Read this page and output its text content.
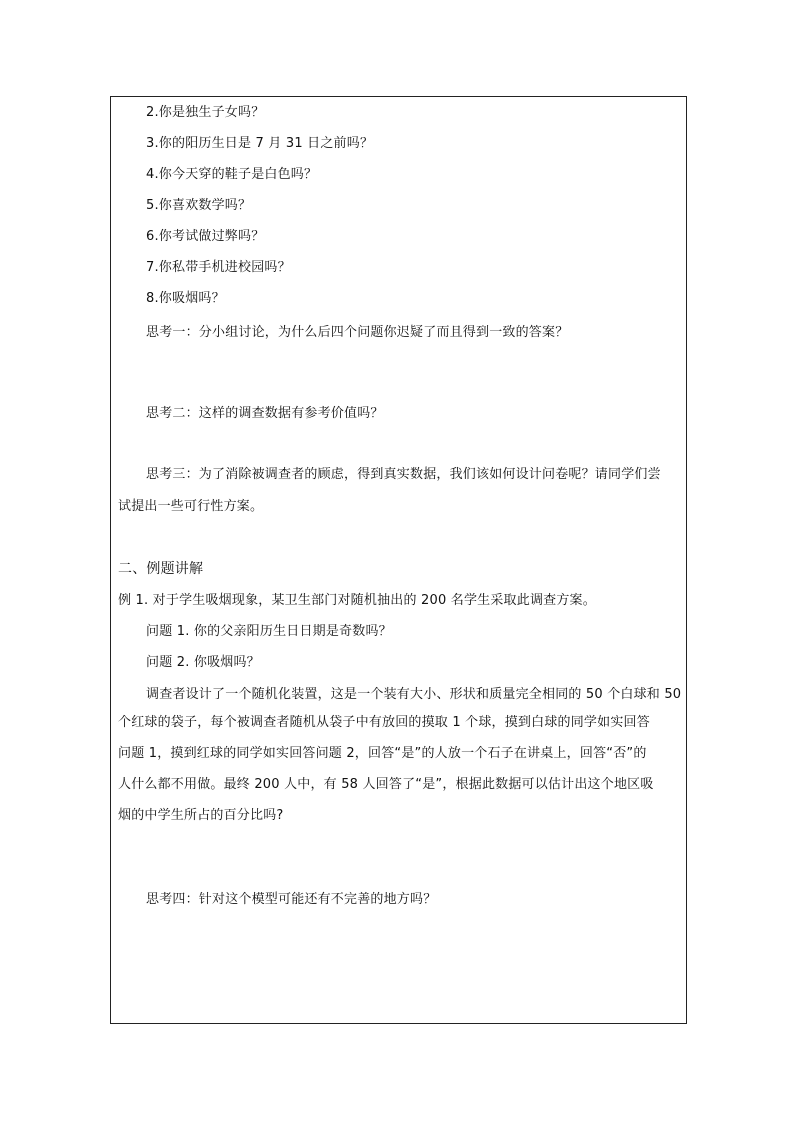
2.你是独生子女吗？
3.你的阳历生日是 7 月 31 日之前吗？
4.你今天穿的鞋子是白色吗？
5.你喜欢数学吗？
6.你考试做过弊吗？
7.你私带手机进校园吗？
8.你吸烟吗？
思考一：分小组讨论，为什么后四个问题你迟疑了而且得到一致的答案？
思考二：这样的调查数据有参考价值吗？
思考三：为了消除被调查者的顾虑，得到真实数据，我们该如何设计问卷呢？请同学们尝
试提出一些可行性方案。
二、例题讲解
例 1. 对于学生吸烟现象，某卫生部门对随机抽出的 200 名学生采取此调查方案。
问题 1. 你的父亲阳历生日日期是奇数吗？
问题 2. 你吸烟吗？
调查者设计了一个随机化装置，这是一个装有大小、形状和质量完全相同的 50 个白球和 50
个红球的袋子，每个被调查者随机从袋子中有放回的摸取 1 个球，摸到白球的同学如实回答
问题 1，摸到红球的同学如实回答问题 2，回答“是”的人放一个石子在讲桌上，回答“否”的
人什么都不用做。最终 200 人中，有 58 人回答了“是”，根据此数据可以估计出这个地区吸
烟的中学生所占的百分比吗?
思考四：针对这个模型可能还有不完善的地方吗？
